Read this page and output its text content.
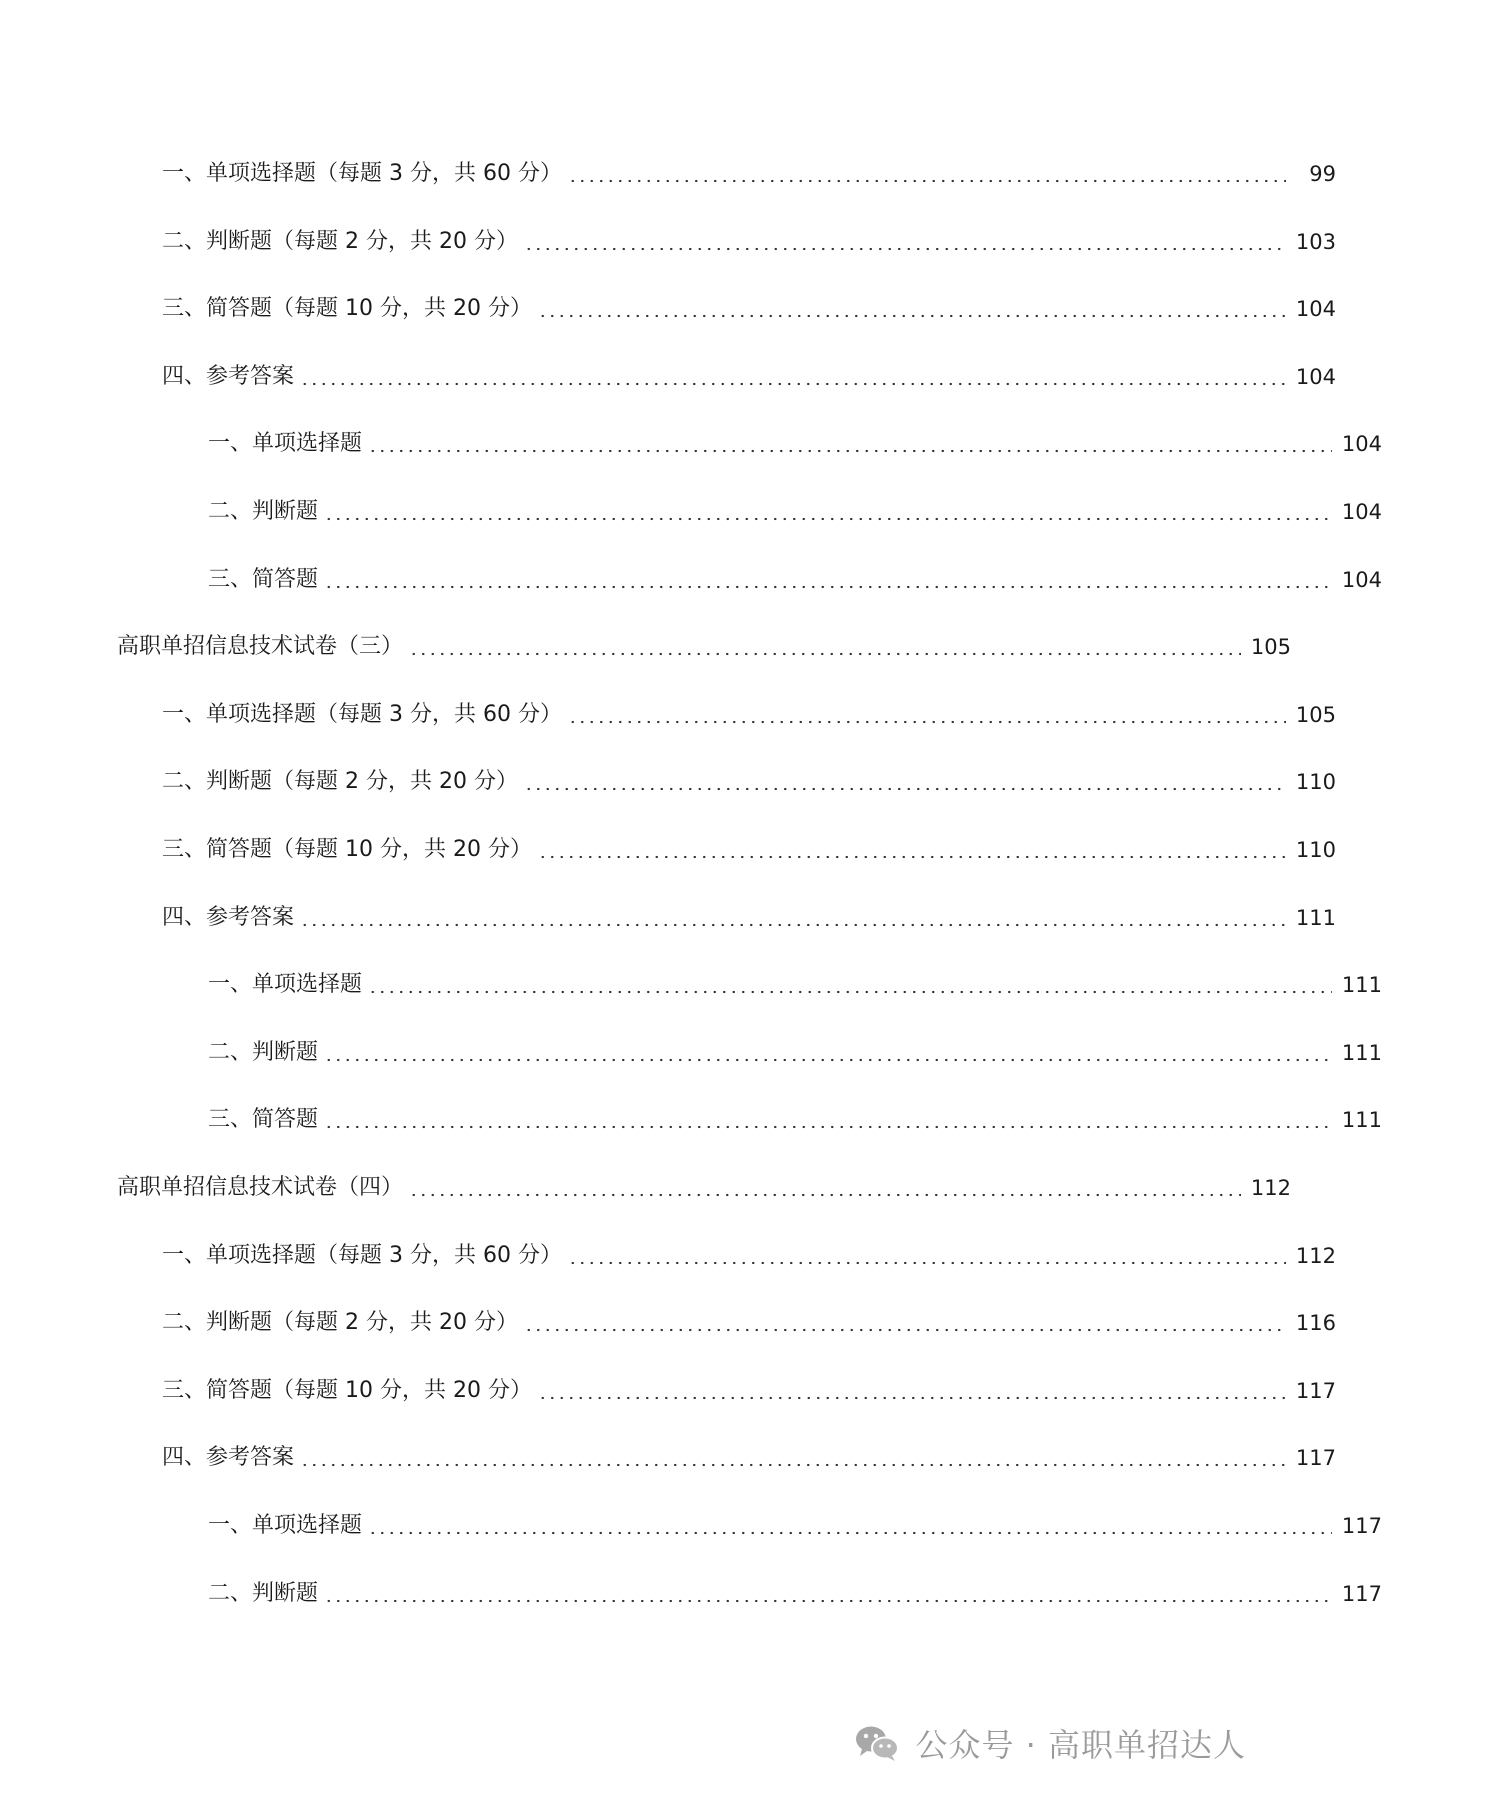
一、单项选择题（每题 3 分，共 60 分）	99
二、判断题（每题 2 分，共 20 分）	103
三、简答题（每题 10 分，共 20 分）	104
四、参考答案	104
一、单项选择题	104
二、判断题	104
三、简答题	104
高职单招信息技术试卷（三）	105
一、单项选择题（每题 3 分，共 60 分）	105
二、判断题（每题 2 分，共 20 分）	110
三、简答题（每题 10 分，共 20 分）	110
四、参考答案	111
一、单项选择题	111
二、判断题	111
三、简答题	111
高职单招信息技术试卷（四）	112
一、单项选择题（每题 3 分，共 60 分）	112
二、判断题（每题 2 分，共 20 分）	116
三、简答题（每题 10 分，共 20 分）	117
四、参考答案	117
一、单项选择题	117
二、判断题	117
公众号 · 高职单招达人
